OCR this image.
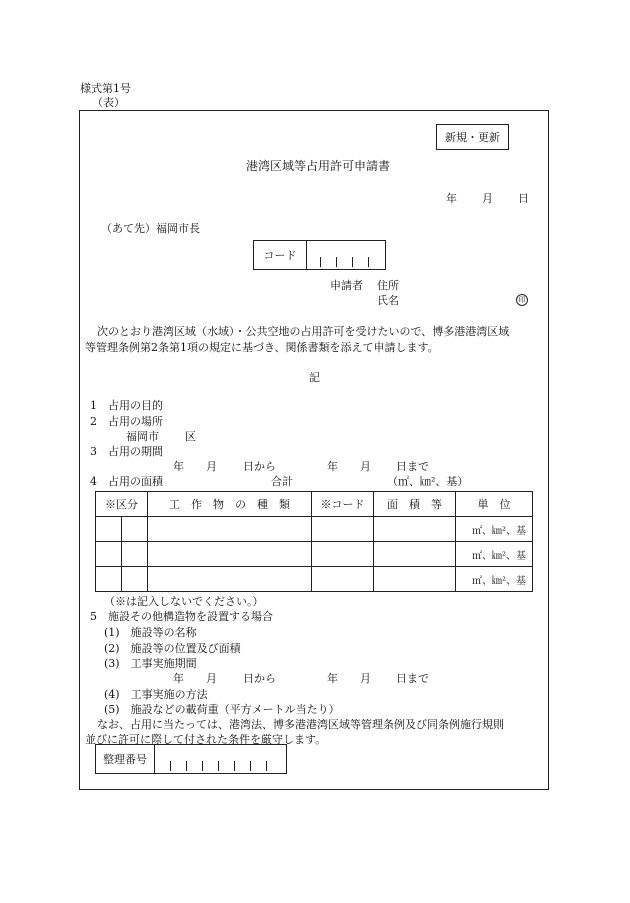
様式第1号
（表）
新規・更新
港湾区域等占用許可申請書
年 月 日
（あて先）福岡市長
コード
申請者 住所
氏名	印
次のとおり港湾区域（水域）・公共空地の占用許可を受けたいので、博多港港湾区域
等管理条例第2条第1項の規定に基づき、関係書類を添えて申請します。
記
1　占用の目的
2　占用の場所
福岡市 区
3　占用の期間
年 月 日から	年 月 日まで
4　占用の面積	合計	（㎡、㎞²、基）
※区分		工　作　物　の　種　類	※コード	面　積　等	単　位
					㎡、㎞²、基
					㎡、㎞²、基
					㎡、㎞²、基
（※は記入しないでください。）
5　施設その他構造物を設置する場合
(1)　施設等の名称
(2)　施設等の位置及び面積
(3)　工事実施期間
年 月 日から	年 月 日まで
(4)　工事実施の方法
(5)　施設などの載荷重（平方メートル当たり）
なお、占用に当たっては、港湾法、博多港港湾区域等管理条例及び同条例施行規則
並びに許可に際して付された条件を厳守します。
整理番号
